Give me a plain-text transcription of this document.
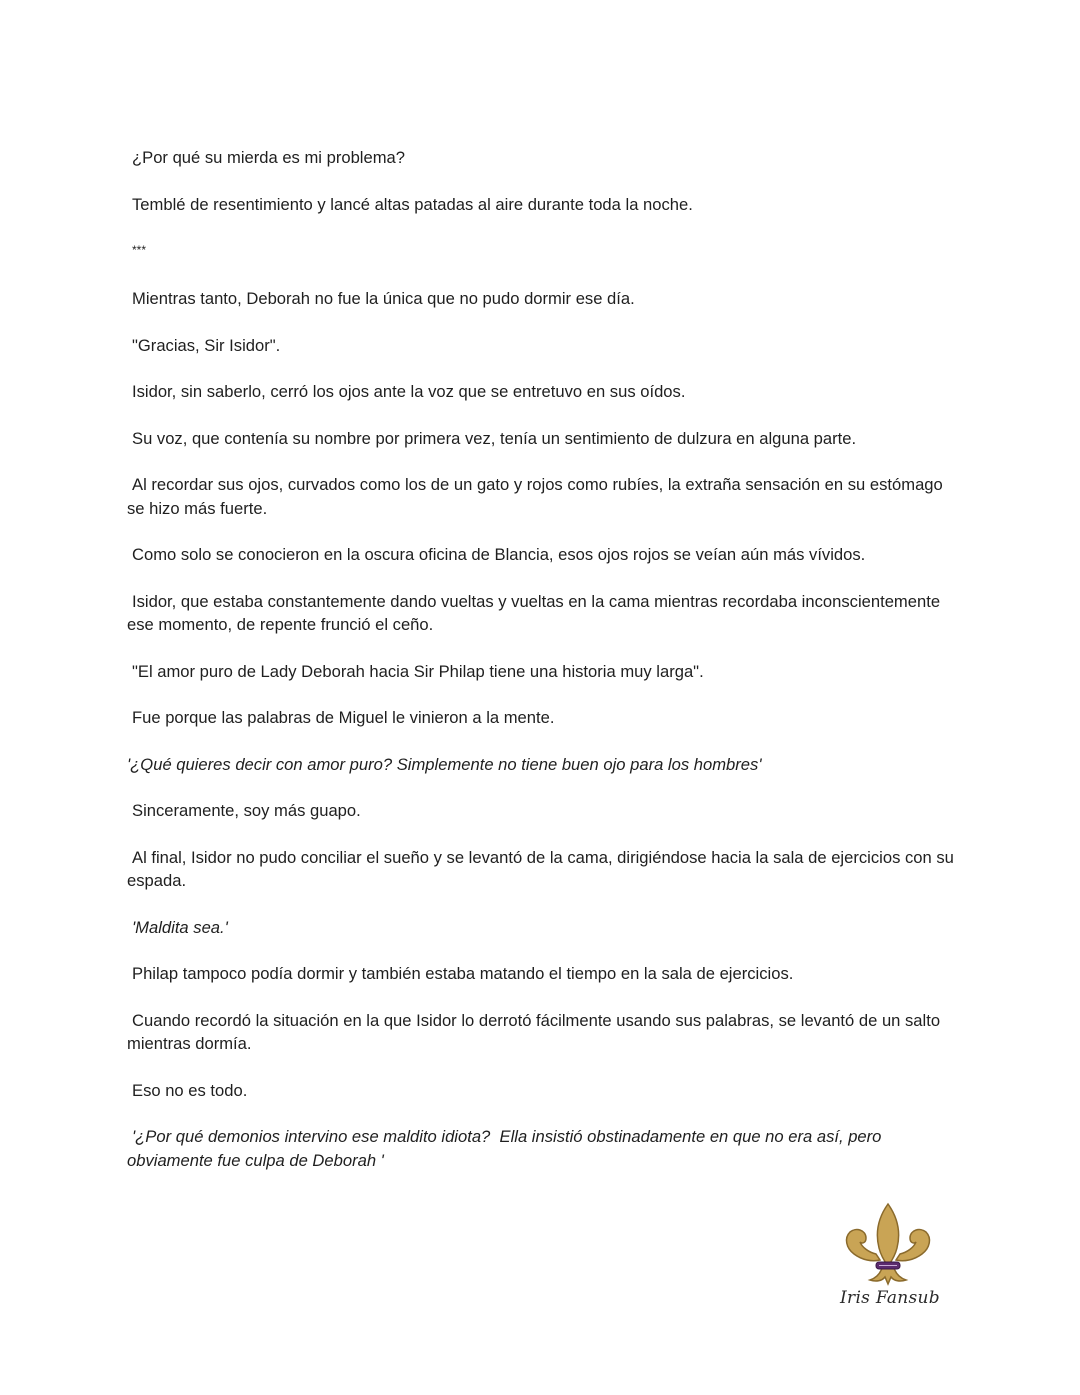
¿Por qué su mierda es mi problema?

Temblé de resentimiento y lancé altas patadas al aire durante toda la noche.

***

Mientras tanto, Deborah no fue la única que no pudo dormir ese día.

"Gracias, Sir Isidor".

Isidor, sin saberlo, cerró los ojos ante la voz que se entretuvo en sus oídos.

Su voz, que contenía su nombre por primera vez, tenía un sentimiento de dulzura en alguna parte.

Al recordar sus ojos, curvados como los de un gato y rojos como rubíes, la extraña sensación en su estómago se hizo más fuerte.

Como solo se conocieron en la oscura oficina de Blancia, esos ojos rojos se veían aún más vívidos.

Isidor, que estaba constantemente dando vueltas y vueltas en la cama mientras recordaba inconscientemente ese momento, de repente frunció el ceño.

"El amor puro de Lady Deborah hacia Sir Philap tiene una historia muy larga".

Fue porque las palabras de Miguel le vinieron a la mente.

'¿Qué quieres decir con amor puro? Simplemente no tiene buen ojo para los hombres'

Sinceramente, soy más guapo.

Al final, Isidor no pudo conciliar el sueño y se levantó de la cama, dirigiéndose hacia la sala de ejercicios con su espada.

'Maldita sea.'

Philap tampoco podía dormir y también estaba matando el tiempo en la sala de ejercicios.

Cuando recordó la situación en la que Isidor lo derrotó fácilmente usando sus palabras, se levantó de un salto mientras dormía.

Eso no es todo.

'¿Por qué demonios intervino ese maldito idiota?  Ella insistió obstinadamente en que no era así, pero obviamente fue culpa de Deborah '

Iris Fansub
